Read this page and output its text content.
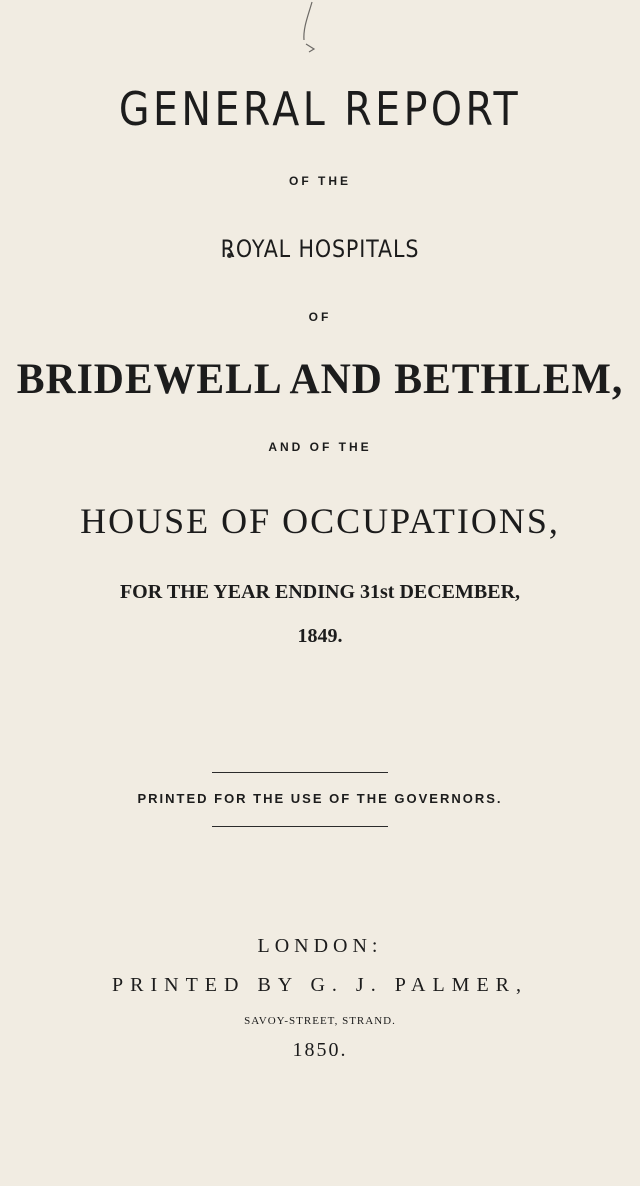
GENERAL REPORT
OF THE
ROYAL HOSPITALS
OF
BRIDEWELL AND BETHLEM,
AND OF THE
HOUSE OF OCCUPATIONS,
FOR THE YEAR ENDING 31st DECEMBER,
1849.
PRINTED FOR THE USE OF THE GOVERNORS.
LONDON:
PRINTED BY G. J. PALMER,
SAVOY-STREET, STRAND.
1850.
